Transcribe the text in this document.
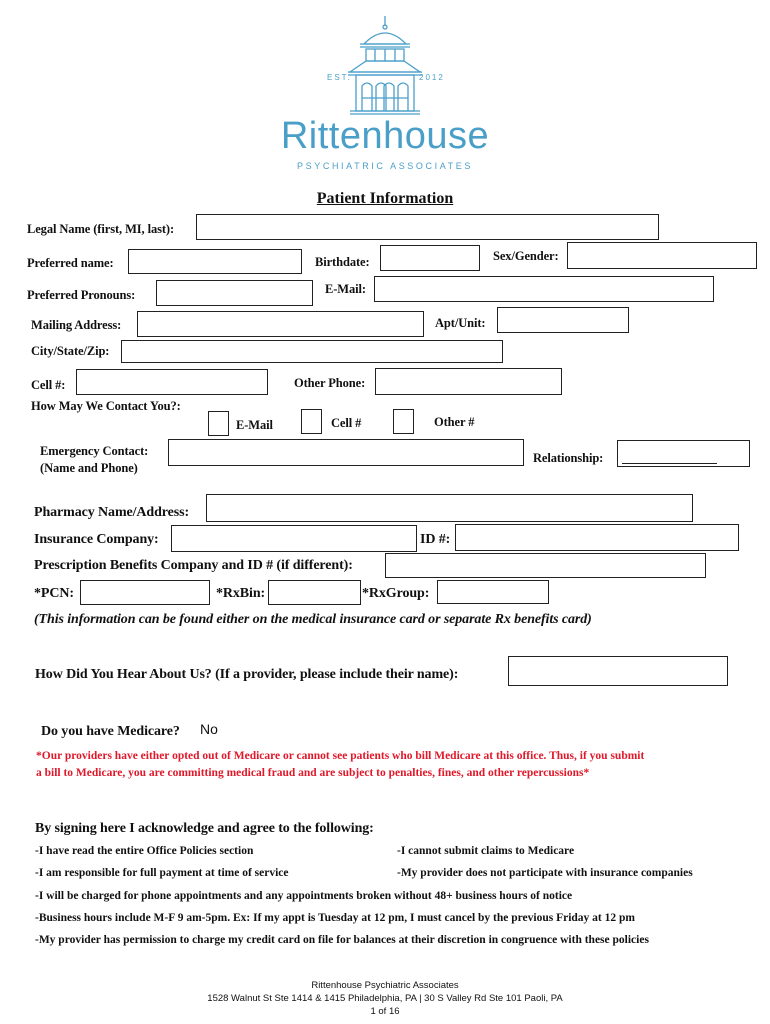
EST.	2012
Rittenhouse
PSYCHIATRIC ASSOCIATES
Patient Information
Legal Name (first, MI, last):
Preferred name:	Birthdate:	Sex/Gender:
Preferred Pronouns:	E-Mail:
Mailing Address:	Apt/Unit:
City/State/Zip:
Cell #:	Other Phone:
How May We Contact You?:
E-Mail	Cell #	Other #
Emergency Contact:
(Name and Phone)
Relationship:
Pharmacy Name/Address:
Insurance Company:	ID #:
Prescription Benefits Company and ID # (if different):
*PCN:	*RxBin:	*RxGroup:
(This information can be found either on the medical insurance card or separate Rx benefits card)
How Did You Hear About Us? (If a provider, please include their name):
Do you have Medicare? No
*Our providers have either opted out of Medicare or cannot see patients who bill Medicare at this office. Thus, if you submit
a bill to Medicare, you are committing medical fraud and are subject to penalties, fines, and other repercussions*
By signing here I acknowledge and agree to the following:
-I have read the entire Office Policies section	-I cannot submit claims to Medicare
-I am responsible for full payment at time of service	-My provider does not participate with insurance companies
-I will be charged for phone appointments and any appointments broken without 48+ business hours of notice
-Business hours include M-F 9 am-5pm. Ex: If my appt is Tuesday at 12 pm, I must cancel by the previous Friday at 12 pm
-My provider has permission to charge my credit card on file for balances at their discretion in congruence with these policies
Rittenhouse Psychiatric Associates
1528 Walnut St Ste 1414 & 1415 Philadelphia, PA | 30 S Valley Rd Ste 101 Paoli, PA
1 of 16
